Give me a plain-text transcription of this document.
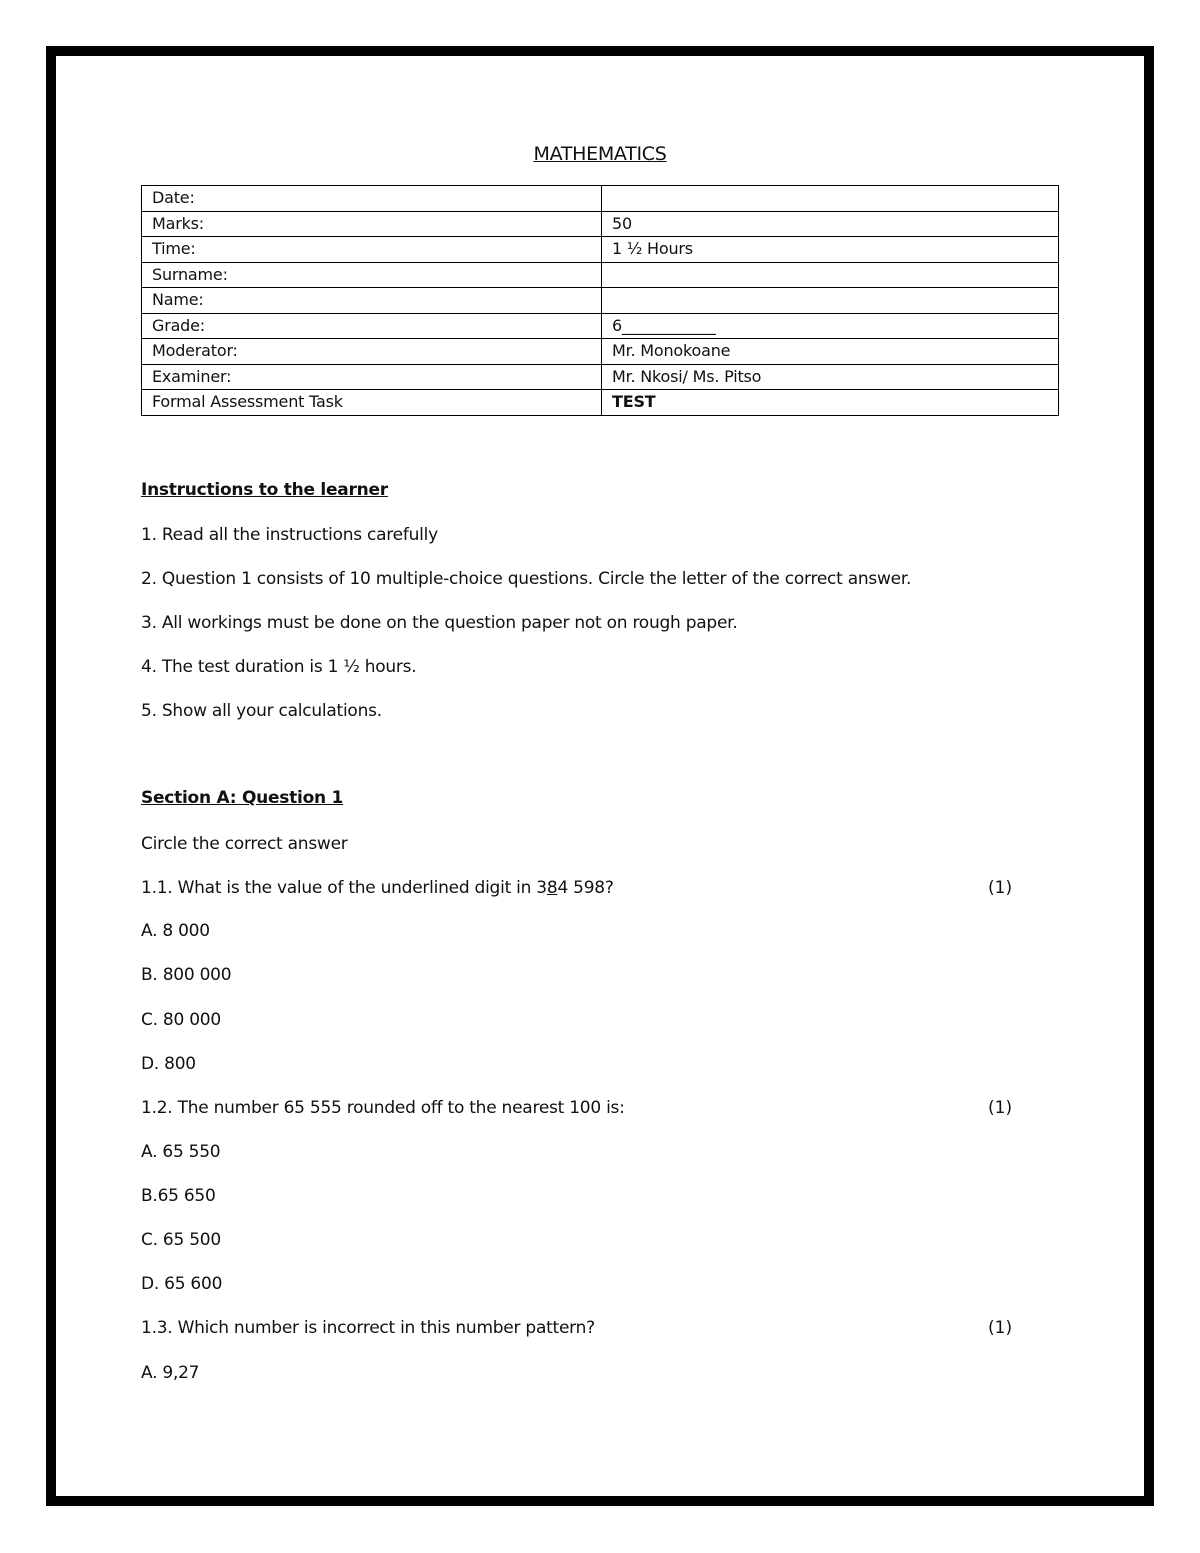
MATHEMATICS
Date:	
Marks:	50
Time:	1 ½ Hours
Surname:	
Name:	
Grade:	6____________
Moderator:	Mr. Monokoane
Examiner:	Mr. Nkosi/ Ms. Pitso
Formal Assessment Task	TEST
Instructions to the learner
1. Read all the instructions carefully
2. Question 1 consists of 10 multiple-choice questions. Circle the letter of the correct answer.
3. All workings must be done on the question paper not on rough paper.
4. The test duration is 1 ½ hours.
5. Show all your calculations.
Section A: Question 1
Circle the correct answer
1.1. What is the value of the underlined digit in 384 598?	(1)
A. 8 000
B. 800 000
C. 80 000
D. 800
1.2. The number 65 555 rounded off to the nearest 100 is:	(1)
A. 65 550
B.65 650
C. 65 500
D. 65 600
1.3. Which number is incorrect in this number pattern?	(1)
A. 9,27
